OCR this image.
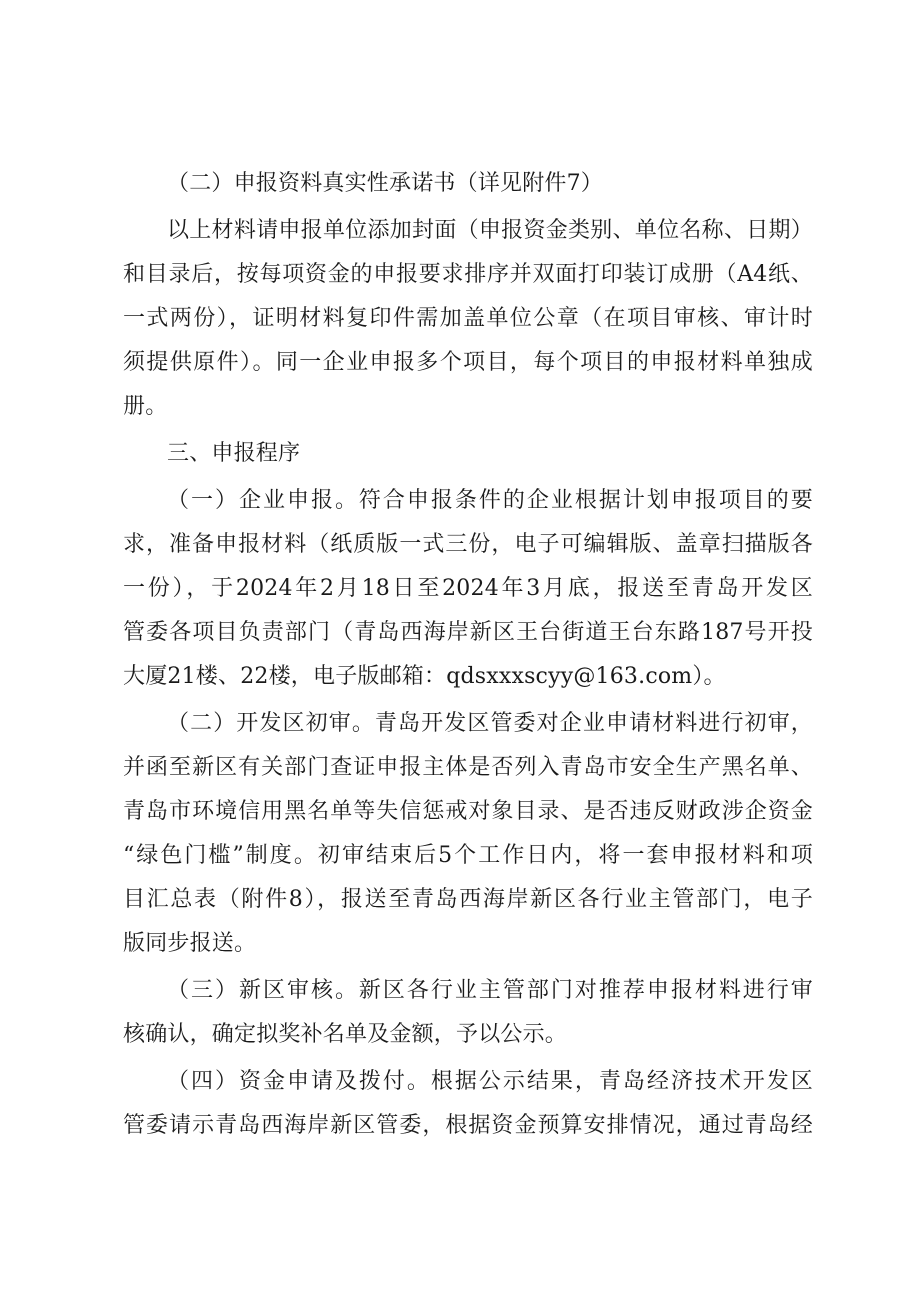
（二）申报资料真实性承诺书（详见附件7）

以上材料请申报单位添加封面（申报资金类别、单位名称、日期）
和目录后，按每项资金的申报要求排序并双面打印装订成册（A4纸、
一式两份），证明材料复印件需加盖单位公章（在项目审核、审计时
须提供原件）。同一企业申报多个项目，每个项目的申报材料单独成
册。

三、申报程序

（一）企业申报。符合申报条件的企业根据计划申报项目的要
求，准备申报材料（纸质版一式三份，电子可编辑版、盖章扫描版各
一份），于2024年2月18日至2024年3月底，报送至青岛开发区
管委各项目负责部门（青岛西海岸新区王台街道王台东路187号开投
大厦21楼、22楼，电子版邮箱：qdsxxxscyy@163.com）。

（二）开发区初审。青岛开发区管委对企业申请材料进行初审，
并函至新区有关部门查证申报主体是否列入青岛市安全生产黑名单、
青岛市环境信用黑名单等失信惩戒对象目录、是否违反财政涉企资金
“绿色门槛”制度。初审结束后5个工作日内，将一套申报材料和项
目汇总表（附件8），报送至青岛西海岸新区各行业主管部门，电子
版同步报送。

（三）新区审核。新区各行业主管部门对推荐申报材料进行审
核确认，确定拟奖补名单及金额，予以公示。

（四）资金申请及拨付。根据公示结果，青岛经济技术开发区
管委请示青岛西海岸新区管委，根据资金预算安排情况，通过青岛经
